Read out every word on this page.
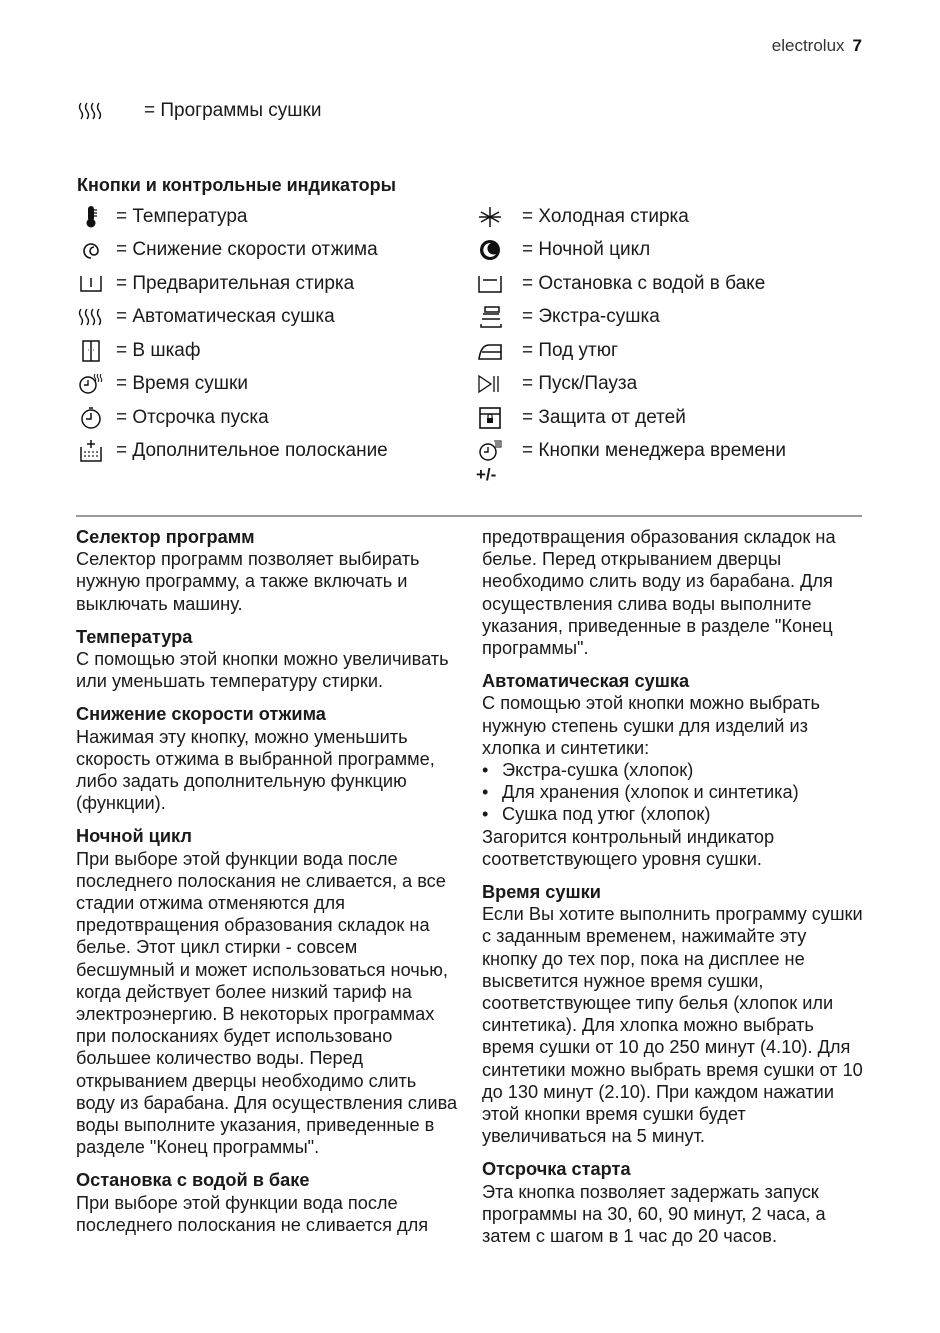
electrolux 7
= Программы сушки
Кнопки и контрольные индикаторы
= Температура
= Снижение скорости отжима
= Предварительная стирка
= Автоматическая сушка
= В шкаф
= Время сушки
= Отсрочка пуска
= Дополнительное полоскание
= Холодная стирка
= Ночной цикл
= Остановка с водой в баке
= Экстра-сушка
= Под утюг
= Пуск/Пауза
= Защита от детей
= Кнопки менеджера времени
+/-
Селектор программ

Селектор программ позволяет выбирать нужную программу, а также включать и выключать машину.

Температура

С помощью этой кнопки можно увеличивать или уменьшать температуру стирки.

Снижение скорости отжима

Нажимая эту кнопку, можно уменьшить скорость отжима в выбранной программе, либо задать дополнительную функцию (функции).

Ночной цикл

При выборе этой функции вода после последнего полоскания не сливается, а все стадии отжима отменяются для предотвращения образования складок на белье. Этот цикл стирки - совсем бесшумный и может использоваться ночью, когда действует более низкий тариф на электроэнергию. В некоторых программах при полосканиях будет использовано большее количество воды. Перед открыванием дверцы необходимо слить воду из барабана. Для осуществления слива воды выполните указания, приведенные в разделе "Конец программы".

Остановка с водой в баке

При выборе этой функции вода после последнего полоскания не сливается для

предотвращения образования складок на белье. Перед открыванием дверцы необходимо слить воду из барабана. Для осуществления слива воды выполните указания, приведенные в разделе "Конец программы".

Автоматическая сушка
С помощью этой кнопки можно выбрать нужную степень сушки для изделий из хлопка и синтетики:
• Экстра-сушка (хлопок)
• Для хранения (хлопок и синтетика)
• Сушка под утюг (хлопок)
Загорится контрольный индикатор соответствующего уровня сушки.
Время сушки

Если Вы хотите выполнить программу сушки с заданным временем, нажимайте эту кнопку до тех пор, пока на дисплее не высветится нужное время сушки, соответствующее типу белья (хлопок или синтетика). Для хлопка можно выбрать время сушки от 10 до 250 минут (4.10). Для синтетики можно выбрать время сушки от 10 до 130 минут (2.10). При каждом нажатии этой кнопки время сушки будет увеличиваться на 5 минут.

Отсрочка старта

Эта кнопка позволяет задержать запуск программы на 30, 60, 90 минут, 2 часа, а затем с шагом в 1 час до 20 часов.
